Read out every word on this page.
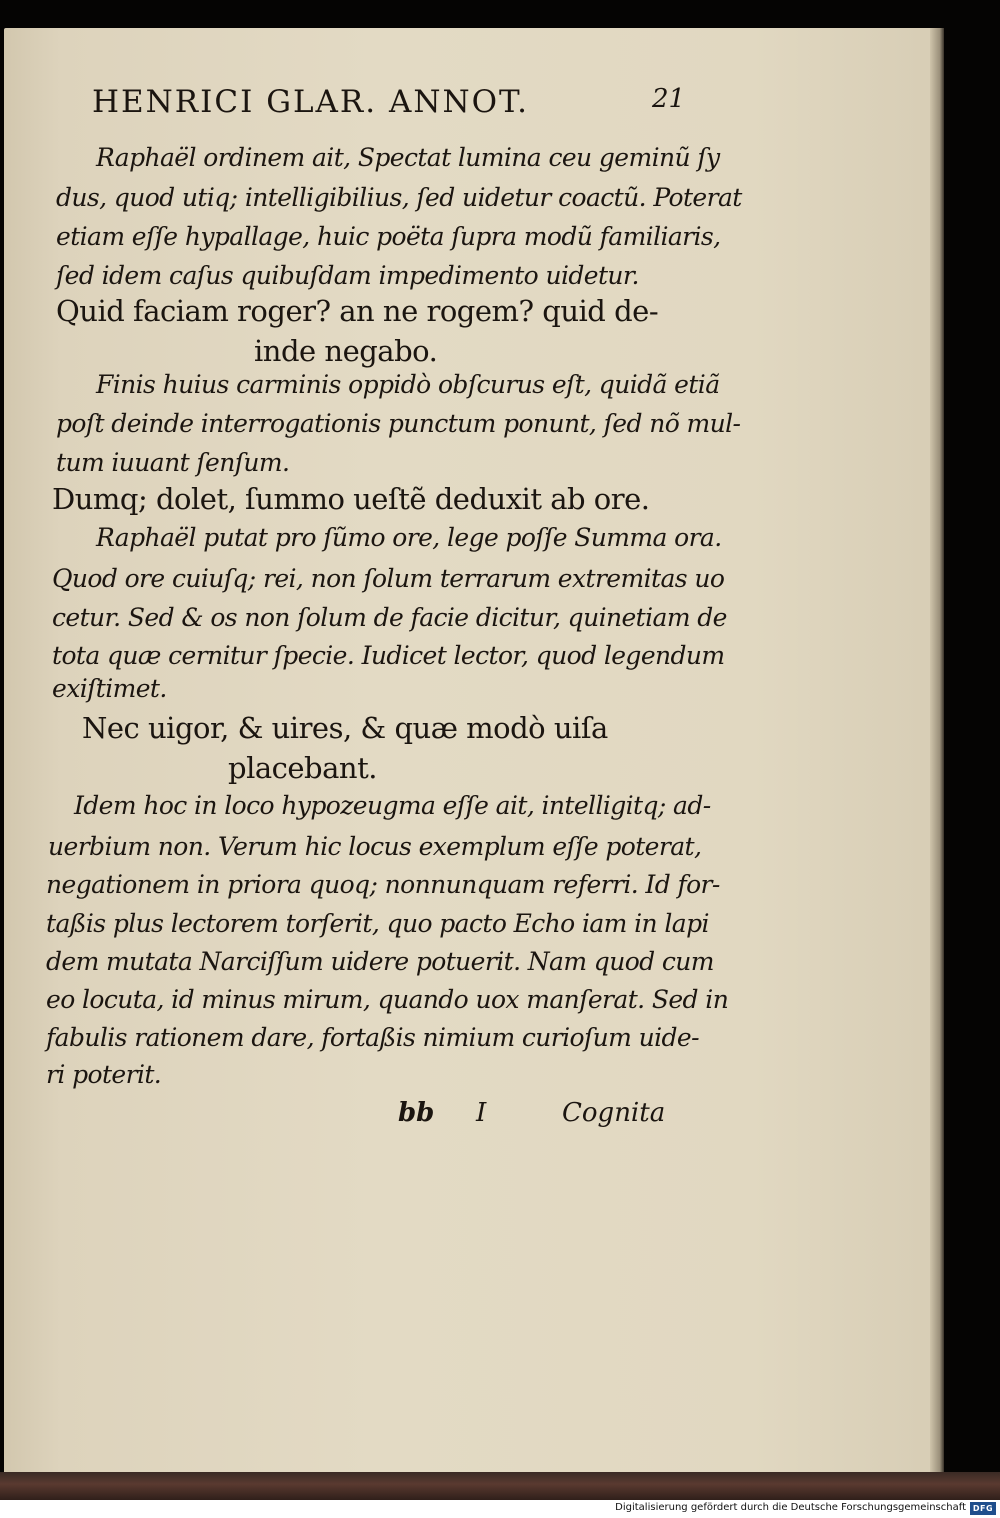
HENRICI GLAR. ANNOT.	21
Raphaël ordinem ait, Spectat lumina ceu geminũ ſy
dus, quod utiq; intelligibilius, ſed uidetur coactũ. Poterat
etiam eſſe hypallage, huic poëta ſupra modũ familiaris,
ſed idem caſus quibuſdam impedimento uidetur.
Quid faciam roger? an ne rogem? quid de-
inde negabo.
Finis huius carminis oppidò obſcurus eſt, quidã etiã
poſt deinde interrogationis punctum ponunt, ſed nõ mul-
tum iuuant ſenſum.
Dumq; dolet, ſummo ueſtẽ deduxit ab ore.
Raphaël putat pro ſũmo ore, lege poſſe Summa ora.
Quod ore cuiuſq; rei, non ſolum terrarum extremitas uo
cetur. Sed & os non ſolum de facie dicitur, quinetiam de
tota quæ cernitur ſpecie. Iudicet lector, quod legendum
exiſtimet.
Nec uigor, & uires, & quæ modò uiſa
placebant.
Idem hoc in loco hypozeugma eſſe ait, intelligitq; ad-
uerbium non. Verum hic locus exemplum eſſe poterat,
negationem in priora quoq; nonnunquam referri. Id for-
taßis plus lectorem torſerit, quo pacto Echo iam in lapi
dem mutata Narciſſum uidere potuerit. Nam quod cum
eo locuta, id minus mirum, quando uox manſerat. Sed in
fabulis rationem dare, fortaßis nimium curioſum uide-
ri poterit.
bb I	Cognita
Digitalisierung gefördert durch die Deutsche Forschungsgemeinschaft DFG
